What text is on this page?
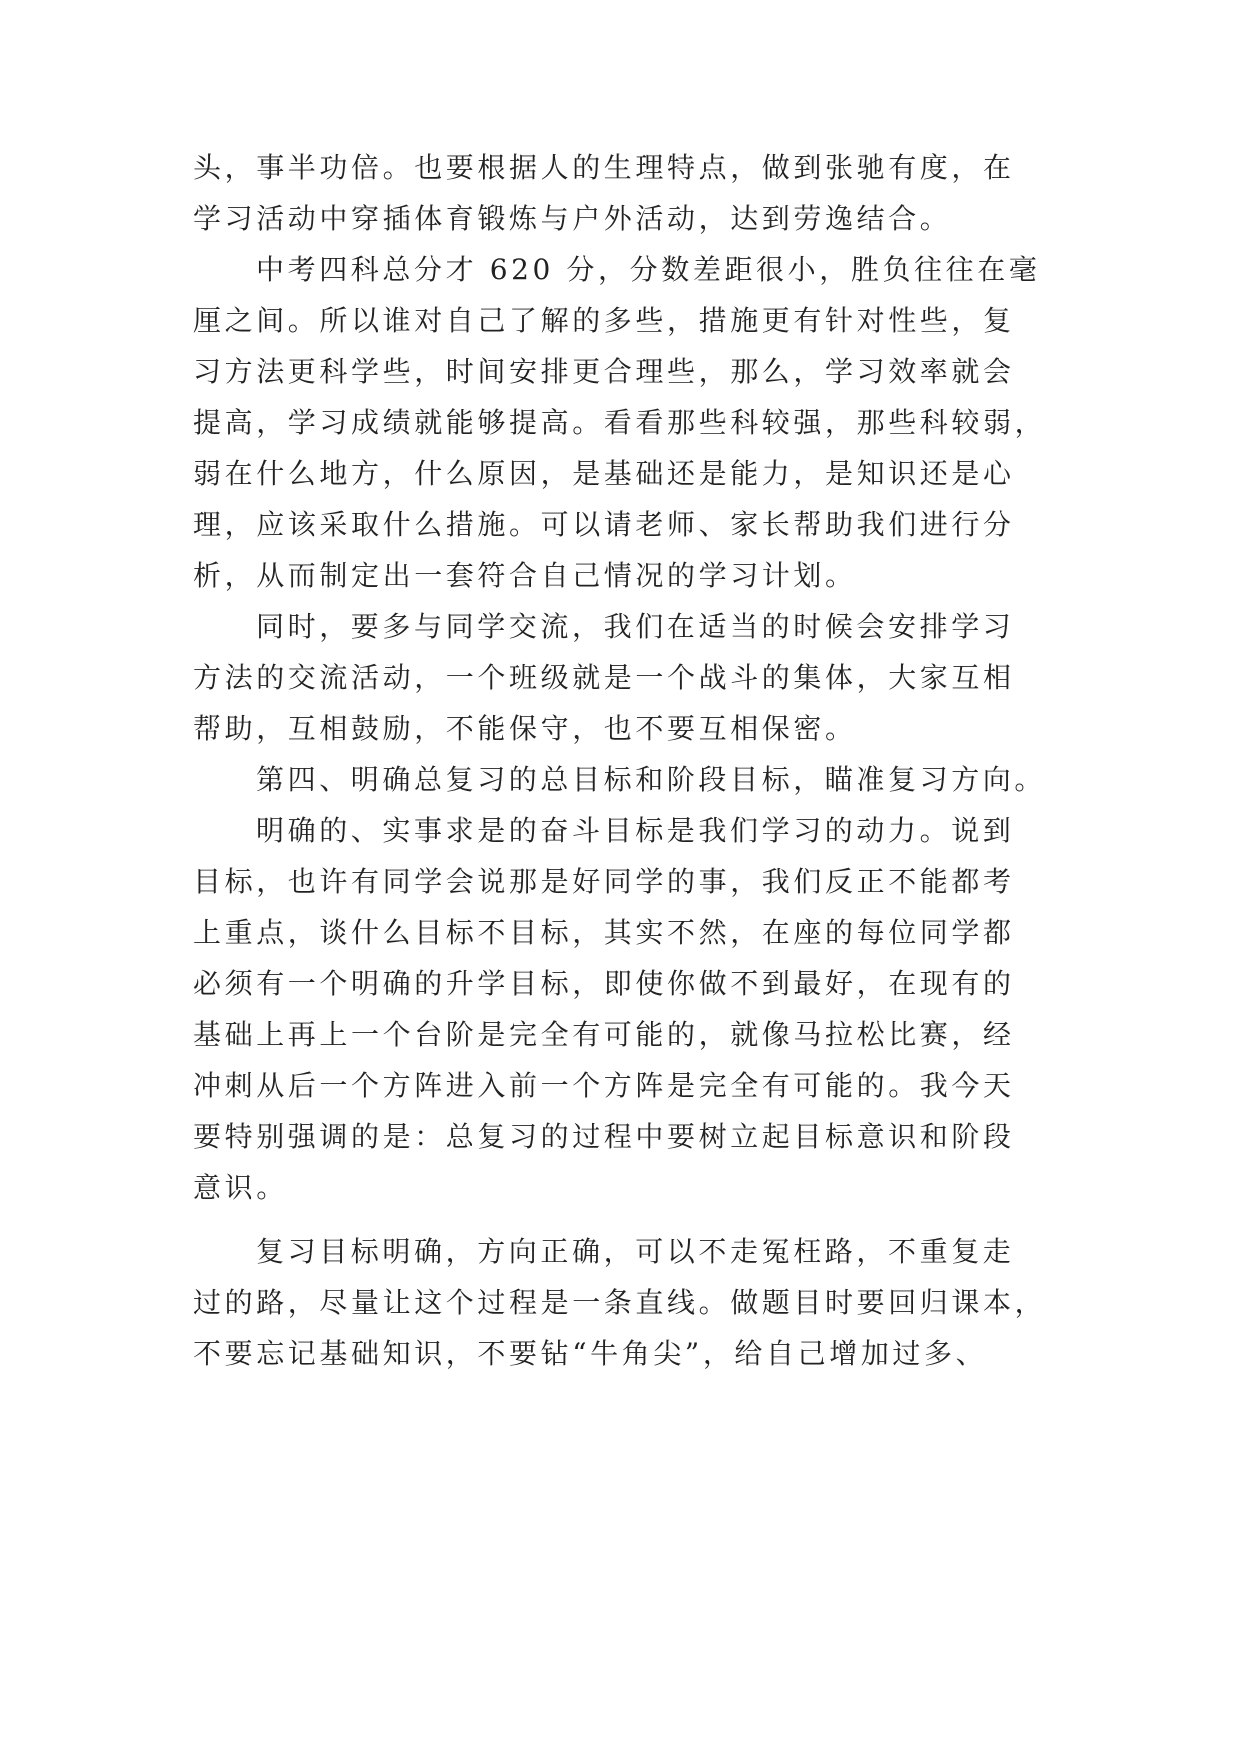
头，事半功倍。也要根据人的生理特点，做到张驰有度，在
学习活动中穿插体育锻炼与户外活动，达到劳逸结合。
中考四科总分才 620 分，分数差距很小，胜负往往在毫
厘之间。所以谁对自己了解的多些，措施更有针对性些，复
习方法更科学些，时间安排更合理些，那么，学习效率就会
提高，学习成绩就能够提高。看看那些科较强，那些科较弱，
弱在什么地方，什么原因，是基础还是能力，是知识还是心
理，应该采取什么措施。可以请老师、家长帮助我们进行分
析，从而制定出一套符合自己情况的学习计划。
同时，要多与同学交流，我们在适当的时候会安排学习
方法的交流活动，一个班级就是一个战斗的集体，大家互相
帮助，互相鼓励，不能保守，也不要互相保密。
第四、明确总复习的总目标和阶段目标，瞄准复习方向。
明确的、实事求是的奋斗目标是我们学习的动力。说到
目标，也许有同学会说那是好同学的事，我们反正不能都考
上重点，谈什么目标不目标，其实不然，在座的每位同学都
必须有一个明确的升学目标，即使你做不到最好，在现有的
基础上再上一个台阶是完全有可能的，就像马拉松比赛，经
冲刺从后一个方阵进入前一个方阵是完全有可能的。我今天
要特别强调的是：总复习的过程中要树立起目标意识和阶段
意识。
复习目标明确，方向正确，可以不走冤枉路，不重复走
过的路，尽量让这个过程是一条直线。做题目时要回归课本，
不要忘记基础知识，不要钻“牛角尖”，给自己增加过多、
